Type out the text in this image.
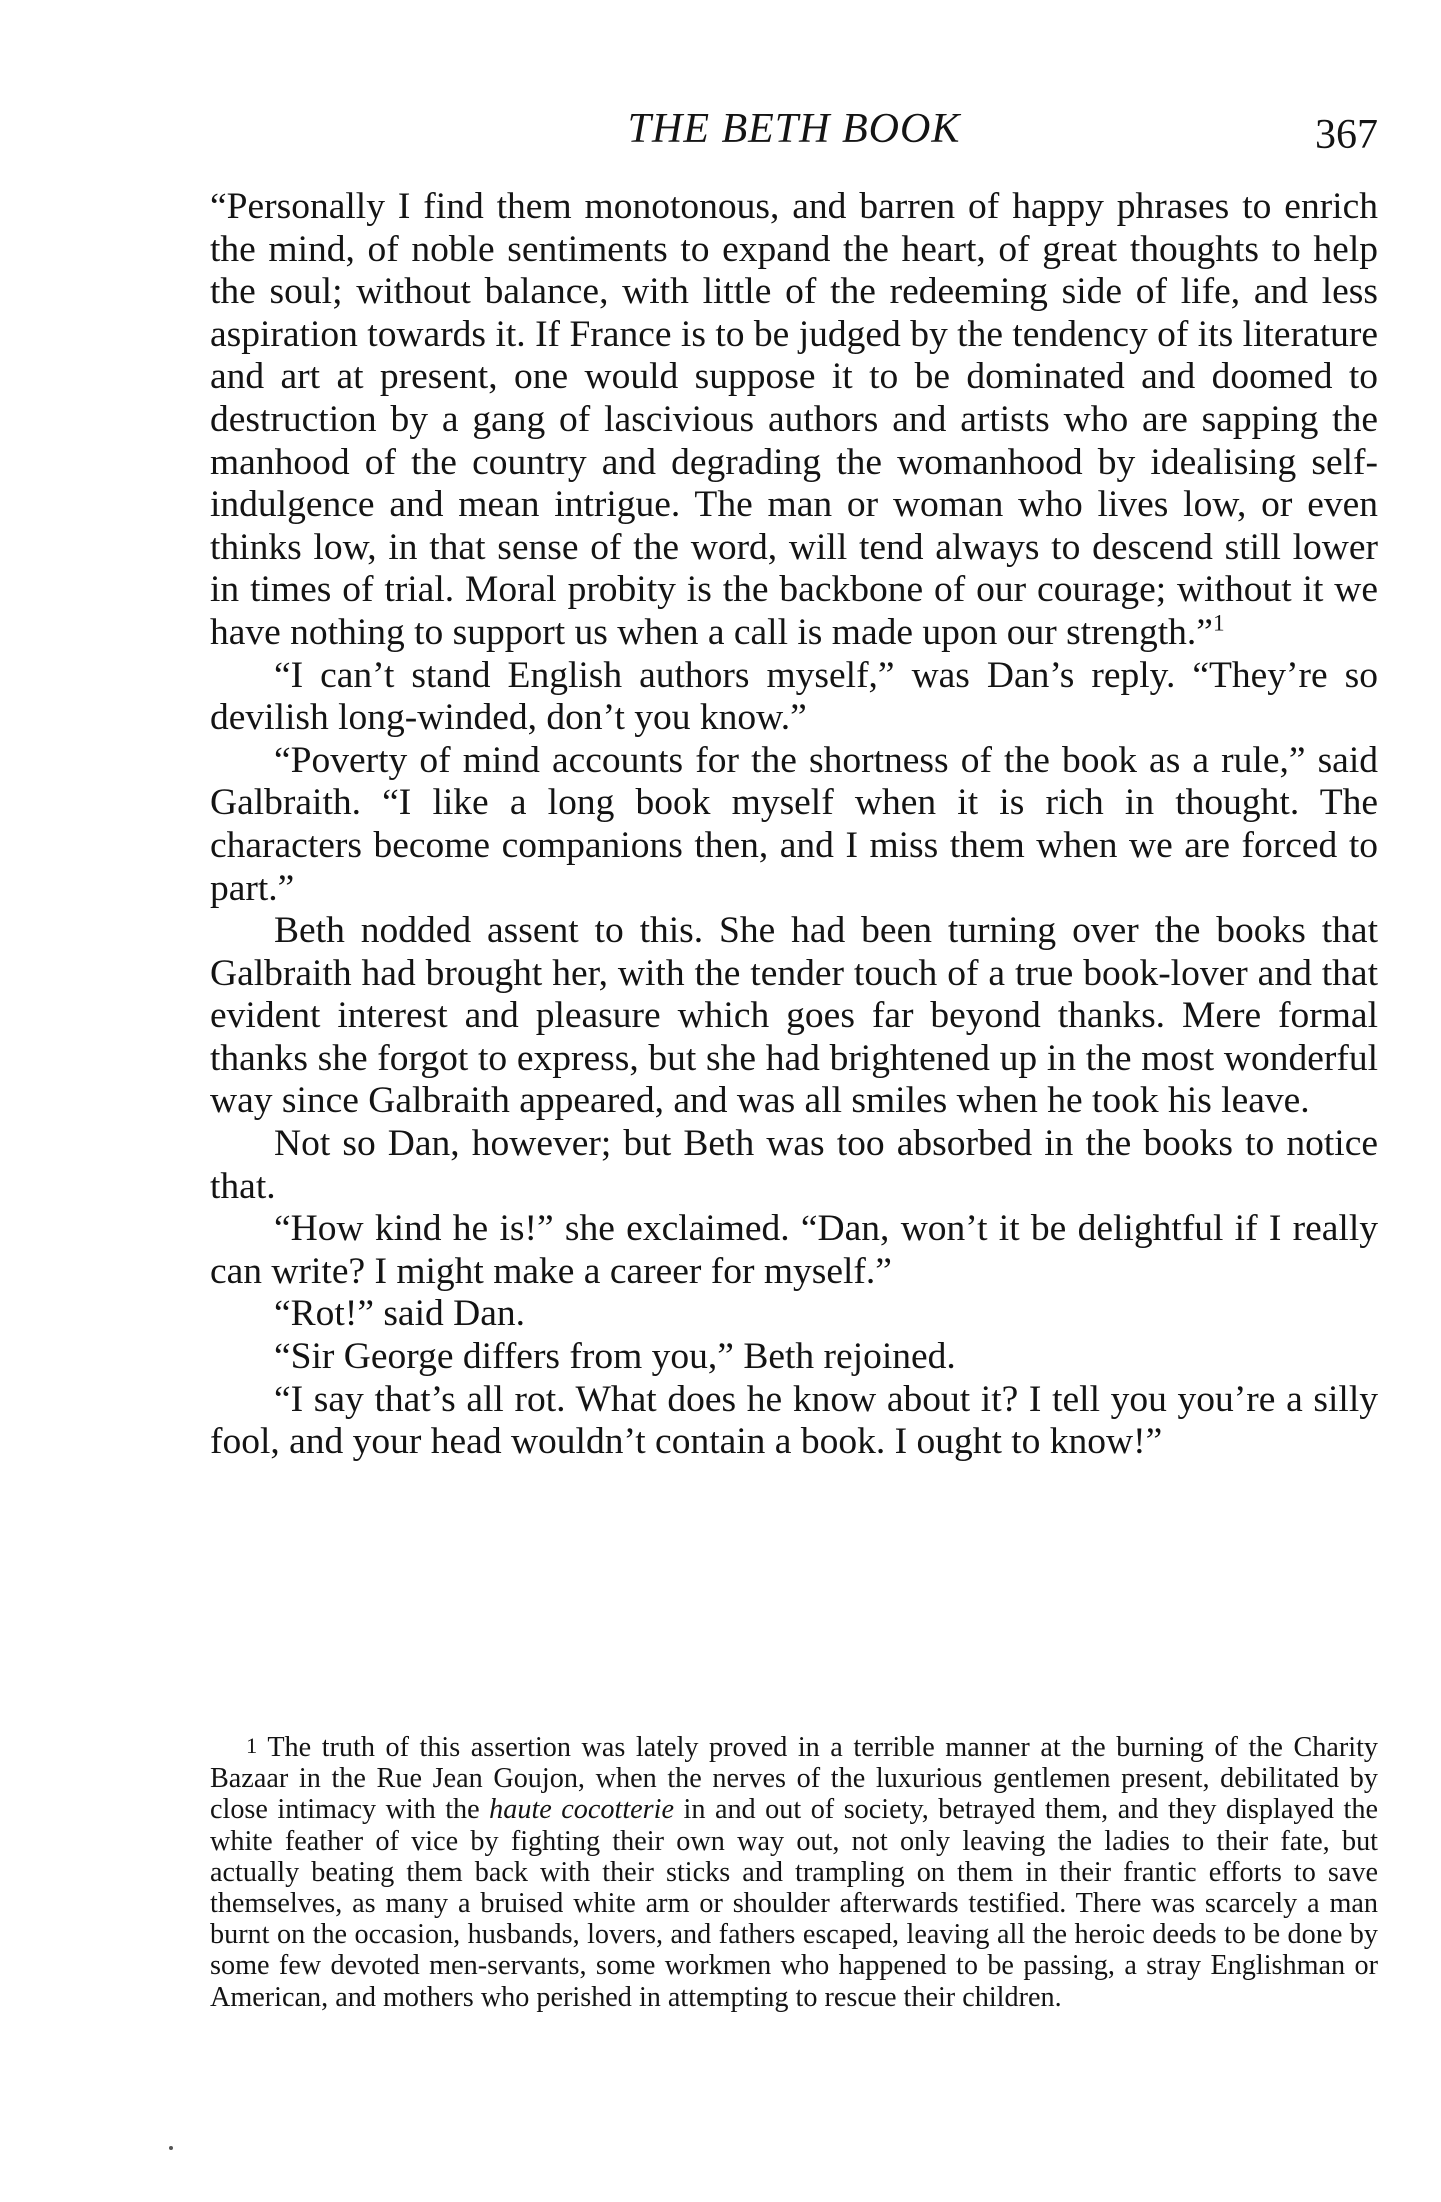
THE BETH BOOK	367

“Personally I find them monotonous, and barren of happy phrases to enrich the mind, of noble sentiments to expand the heart, of great thoughts to help the soul; without balance, with little of the redeeming side of life, and less aspiration towards it. If France is to be judged by the tendency of its literature and art at present, one would suppose it to be dominated and doomed to destruction by a gang of lascivious authors and artists who are sapping the manhood of the country and degrading the womanhood by idealising self-indulgence and mean intrigue. The man or woman who lives low, or even thinks low, in that sense of the word, will tend always to descend still lower in times of trial. Moral probity is the backbone of our courage; without it we have nothing to support us when a call is made upon our strength.”$^1$

“I can’t stand English authors myself,” was Dan’s reply. “They’re so devilish long-winded, don’t you know.”

“Poverty of mind accounts for the shortness of the book as a rule,” said Galbraith. “I like a long book myself when it is rich in thought. The characters become companions then, and I miss them when we are forced to part.”

Beth nodded assent to this. She had been turning over the books that Galbraith had brought her, with the tender touch of a true book-lover and that evident interest and pleasure which goes far beyond thanks. Mere formal thanks she forgot to express, but she had brightened up in the most wonderful way since Galbraith appeared, and was all smiles when he took his leave.

Not so Dan, however; but Beth was too absorbed in the books to notice that.

“How kind he is!” she exclaimed. “Dan, won’t it be delightful if I really can write? I might make a career for myself.”

“Rot!” said Dan.

“Sir George differs from you,” Beth rejoined.

“I say that’s all rot. What does he know about it? I tell you you’re a silly fool, and your head wouldn’t contain a book. I ought to know!”

$^1$ The truth of this assertion was lately proved in a terrible manner at the burning of the Charity Bazaar in the Rue Jean Goujon, when the nerves of the luxurious gentlemen present, debilitated by close intimacy with the haute cocotterie in and out of society, betrayed them, and they displayed the white feather of vice by fighting their own way out, not only leaving the ladies to their fate, but actually beating them back with their sticks and trampling on them in their frantic efforts to save themselves, as many a bruised white arm or shoulder afterwards testified. There was scarcely a man burnt on the occasion, husbands, lovers, and fathers escaped, leaving all the heroic deeds to be done by some few devoted men-servants, some workmen who happened to be passing, a stray Englishman or American, and mothers who perished in attempting to rescue their children.
